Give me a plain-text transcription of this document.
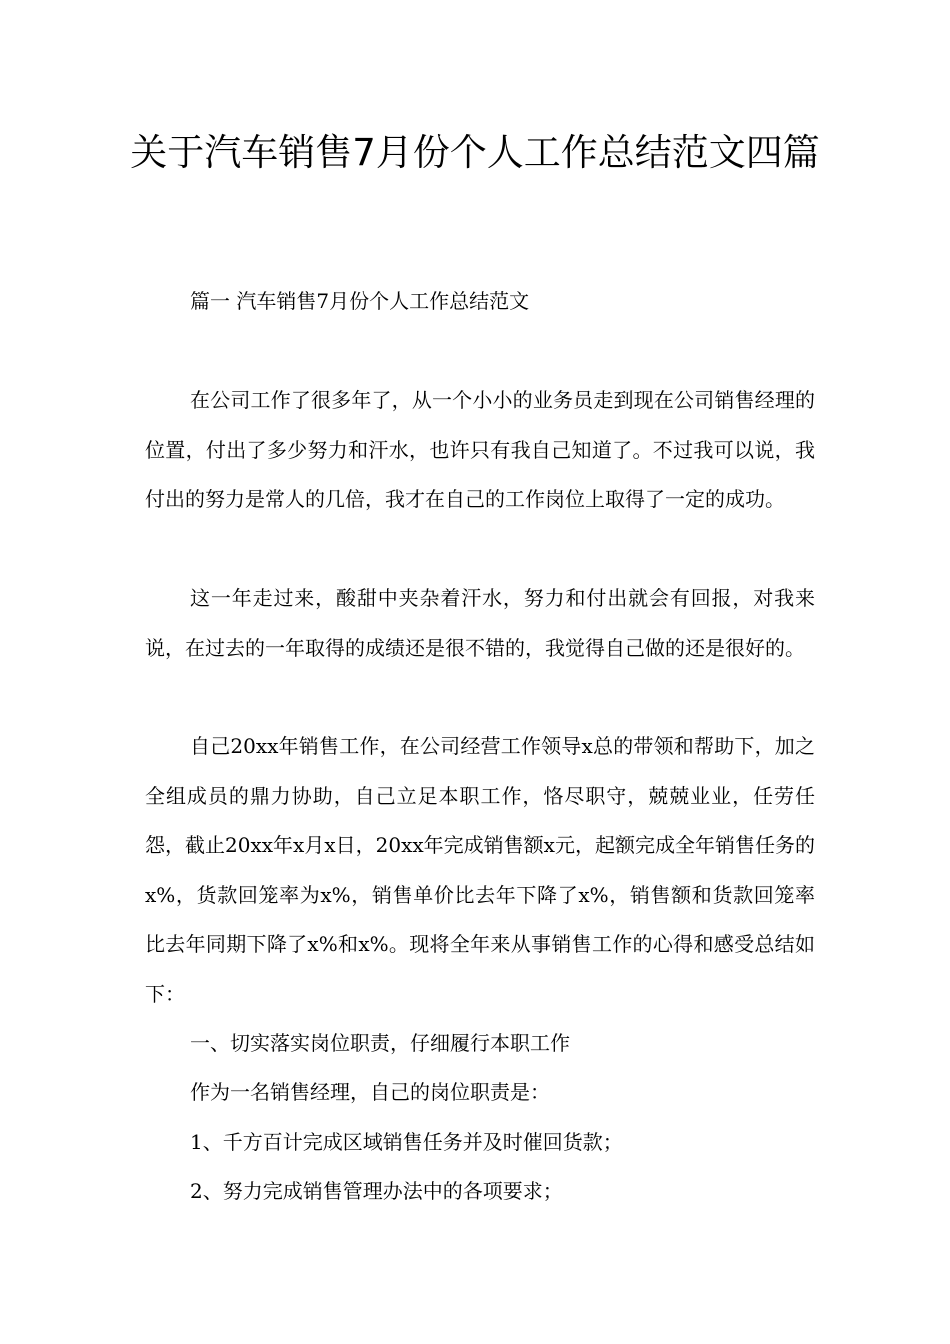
关于汽车销售7月份个人工作总结范文四篇

篇一 汽车销售7月份个人工作总结范文

在公司工作了很多年了，从一个小小的业务员走到现在公司销售经理的位置，付出了多少努力和汗水，也许只有我自己知道了。不过我可以说，我付出的努力是常人的几倍，我才在自己的工作岗位上取得了一定的成功。

这一年走过来，酸甜中夹杂着汗水，努力和付出就会有回报，对我来说，在过去的一年取得的成绩还是很不错的，我觉得自己做的还是很好的。

自己20xx年销售工作，在公司经营工作领导x总的带领和帮助下，加之全组成员的鼎力协助，自己立足本职工作，恪尽职守，兢兢业业，任劳任怨，截止20xx年x月x日，20xx年完成销售额x元，起额完成全年销售任务的x%，货款回笼率为x%，销售单价比去年下降了x%，销售额和货款回笼率比去年同期下降了x%和x%。现将全年来从事销售工作的心得和感受总结如下：

一、切实落实岗位职责，仔细履行本职工作

作为一名销售经理，自己的岗位职责是：

1、千方百计完成区域销售任务并及时催回货款；

2、努力完成销售管理办法中的各项要求；
